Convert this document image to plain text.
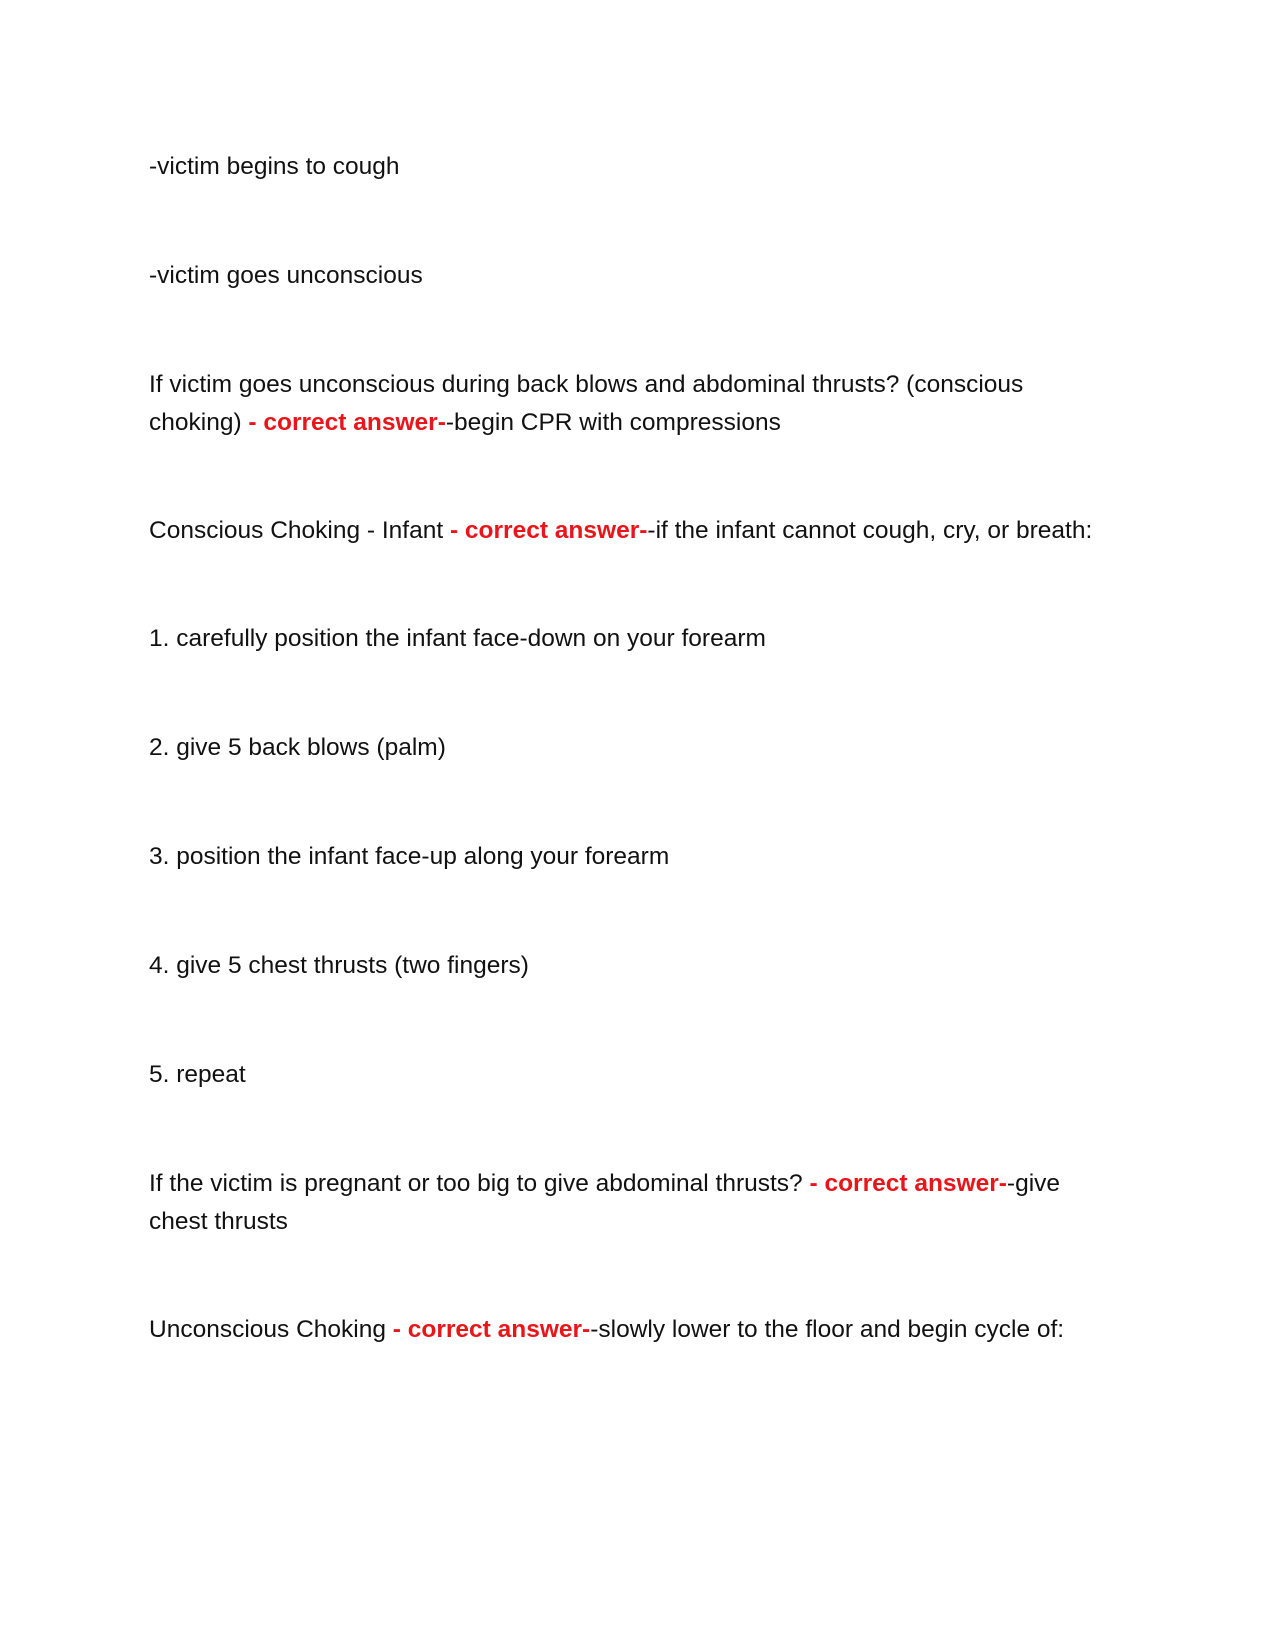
-victim begins to cough

-victim goes unconscious

If victim goes unconscious during back blows and abdominal thrusts? (conscious choking) - correct answer--begin CPR with compressions

Conscious Choking - Infant - correct answer--if the infant cannot cough, cry, or breath:

1. carefully position the infant face-down on your forearm

2. give 5 back blows (palm)

3. position the infant face-up along your forearm

4. give 5 chest thrusts (two fingers)

5. repeat

If the victim is pregnant or too big to give abdominal thrusts? - correct answer--give chest thrusts

Unconscious Choking - correct answer--slowly lower to the floor and begin cycle of:
